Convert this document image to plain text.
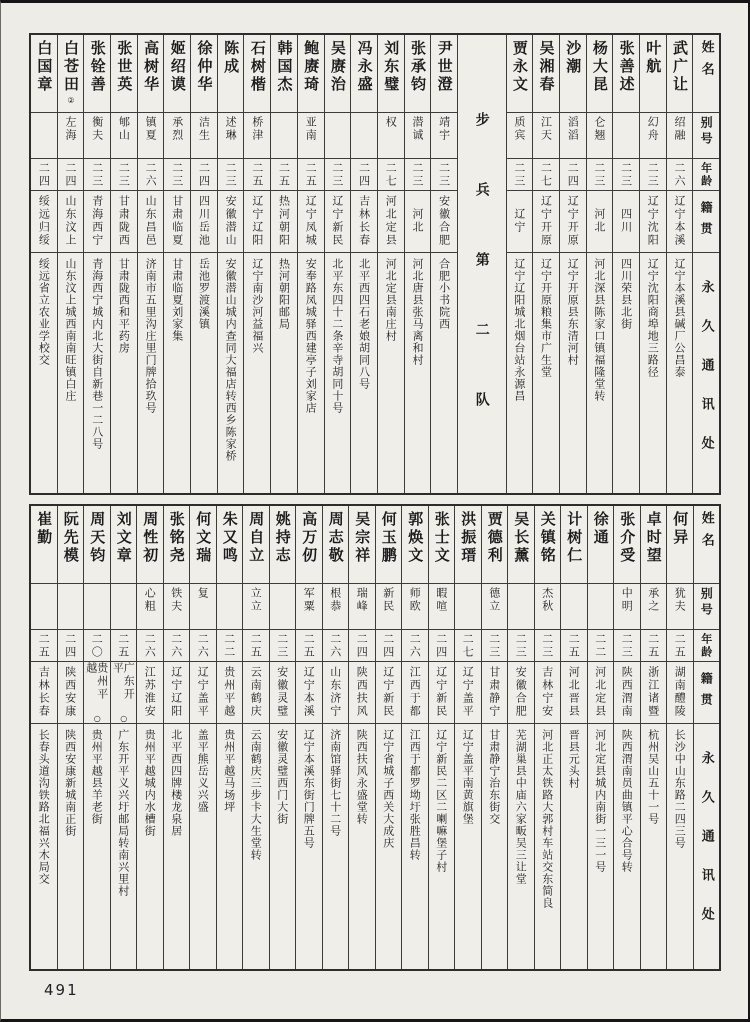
姓名
别号
年龄
籍贯
永久通讯处
武广让
绍融
二六
辽宁本溪
辽宁本溪县碱厂公昌泰
叶航
幻舟
二三
辽宁沈阳
辽宁沈阳商埠地三路径
张善述
二三
四川
四川荣县北街
杨大昆
仑翘
二三
河北
河北深县陈家口镇福隆堂转
沙潮
滔滔
二四
辽宁开原
辽宁开原县东清河村
吴湘春
江天
二七
辽宁开原
辽宁开原粮集市广生堂
贾永文
质宾
二三
辽宁
辽宁辽阳城北烟台站永源昌
步兵第二队
尹世澄
靖宇
二三
安徽合肥
合肥小书院西
张承钧
潜诚
二三
河北
河北唐县张马离和村
刘东璧
权
二七
河北定县
河北定县南庄村
冯永盛
二四
吉林长春
北平西四石老娘胡同八号
吴赓治
二三
辽宁新民
北平东四十二条辛寺胡同十号
鲍赓琦
亚南
二五
辽宁凤城
安奉路凤城驿西建亭子刘家店
韩国杰
二五
热河朝阳
热河朝阳邮局
石树楷
桥津
二五
辽宁辽阳
辽宁南沙河益福兴
陈成
述琳
二三
安徽潜山
安徽潜山城内查同大福店转西乡陈家桥
徐仲华
洁生
二四
四川岳池
岳池罗渡溪镇
姬绍谟
承烈
二三
甘肃临夏
甘肃临夏刘家集
高树华
镇夏
二六
山东昌邑
济南市五里沟庄里门牌拾玖号
张世英
郇山
二三
甘肃陇西
甘肃陇西和平药房
张铨善
衡夫
二三
青海西宁
青海西宁城内北大街自新巷一二八号
白苍田
②
左海
二四
山东汶上
山东汶上城西南南旺镇白庄
白国章
二四
绥远归绥
绥远省立农业学校交
姓名
别号
年龄
籍贯
永久通讯处
何异
犹夫
二五
湖南醴陵
长沙中山东路二四三号
卓时望
承之
二五
浙江诸暨
杭州吴山五十一号
张介受
中明
二三
陕西渭南
陕西渭南员曲镇平心合号转
徐通
二二
河北定县
河北定县城内南街一三一号
计树仁
二五
河北晋县
晋县元头村
关镇铭
杰秋
二三
吉林宁安
河北正太铁路大郭村车站交东简良
吴长薰
二三
安徽合肥
芜湖巢县中庙六家畈吴三让堂
贾德利
德立
二三
甘肃静宁
甘肃静宁治东街交
洪振瑨
二七
辽宁盖平
辽宁盖平南黄旗堡
张士文
暇喧
二四
辽宁新民
辽宁新民二区二喇嘛堡子村
郭焕文
师欧
二六
江西于都
江西于都罗坳圩张胜昌转
何玉鹏
新民
二四
辽宁新民
辽宁省城子西关大成庆
吴宗祥
瑞峰
二四
陕西扶风
陕西扶风永盛堂转
周志敬
根恭
二六
山东济宁
济南馆驿街七十二号
高万仞
军粟
二五
辽宁本溪
辽宁本溪东街门牌五号
姚持志
二三
安徽灵璧
安徽灵璧西门大街
周自立
立立
二五
云南鹤庆
云南鹤庆三步卡大生堂转
朱又鸣
二二
贵州平越
贵州平越马场坪
何文瑞
复
二六
辽宁盖平
盖平熊岳义兴盛
张铭尧
铁夫
二六
辽宁辽阳
北平西四牌楼龙泉居
周性初
心粗
二六
江苏淮安
贵州平越城内水槽街
刘文章
二五
广东开平
○
广东开平义兴圩邮局转南兴里村
周天钧
二〇
贵州平越
○
贵州平越县羊老街
阮先模
二四
陕西安康
陕西安康新城南正街
崔勤
二五
吉林长春
长春头道沟铁路北福兴木局交
491
